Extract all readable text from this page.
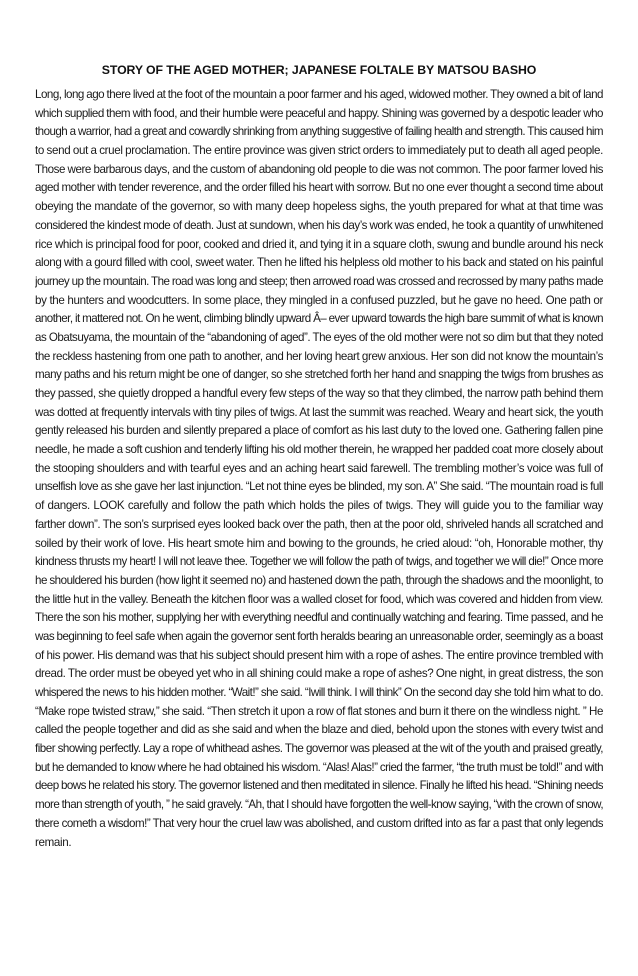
STORY OF THE AGED MOTHER; JAPANESE FOLTALE BY MATSOU BASHO
Long, long ago there lived at the foot of the mountain a poor farmer and his aged, widowed mother. They owned a bit of land
which supplied them with food, and their humble were peaceful and happy. Shining was governed by a despotic leader who
though a warrior, had a great and cowardly shrinking from anything suggestive of failing health and strength. This caused him
to send out a cruel proclamation. The entire province was given strict orders to immediately put to death all aged people.
Those were barbarous days, and the custom of abandoning old people to die was not common. The poor farmer loved his
aged mother with tender reverence, and the order filled his heart with sorrow. But no one ever thought a second time about
obeying the mandate of the governor, so with many deep hopeless sighs, the youth prepared for what at that time was
considered the kindest mode of death. Just at sundown, when his day’s work was ended, he took a quantity of unwhitened
rice which is principal food for poor, cooked and dried it, and tying it in a square cloth, swung and bundle around his neck
along with a gourd filled with cool, sweet water. Then he lifted his helpless old mother to his back and stated on his painful
journey up the mountain. The road was long and steep; then arrowed road was crossed and recrossed by many paths made
by the hunters and woodcutters. In some place, they mingled in a confused puzzled, but he gave no heed. One path or
another, it mattered not. On he went, climbing blindly upward Â– ever upward towards the high bare summit of what is known
as Obatsuyama, the mountain of the “abandoning of aged”. The eyes of the old mother were not so dim but that they noted
the reckless hastening from one path to another, and her loving heart grew anxious. Her son did not know the mountain’s
many paths and his return might be one of danger, so she stretched forth her hand and snapping the twigs from brushes as
they passed, she quietly dropped a handful every few steps of the way so that they climbed, the narrow path behind them
was dotted at frequently intervals with tiny piles of twigs. At last the summit was reached. Weary and heart sick, the youth
gently released his burden and silently prepared a place of comfort as his last duty to the loved one. Gathering fallen pine
needle, he made a soft cushion and tenderly lifting his old mother therein, he wrapped her padded coat more closely about
the stooping shoulders and with tearful eyes and an aching heart said farewell. The trembling mother’s voice was full of
unselfish love as she gave her last injunction. “Let not thine eyes be blinded, my son. A” She said. “The mountain road is full
of dangers. LOOK carefully and follow the path which holds the piles of twigs. They will guide you to the familiar way
farther down”. The son’s surprised eyes looked back over the path, then at the poor old, shriveled hands all scratched and
soiled by their work of love. His heart smote him and bowing to the grounds, he cried aloud: “oh, Honorable mother, thy
kindness thrusts my heart! I will not leave thee. Together we will follow the path of twigs, and together we will die!” Once more
he shouldered his burden (how light it seemed no) and hastened down the path, through the shadows and the moonlight, to
the little hut in the valley. Beneath the kitchen floor was a walled closet for food, which was covered and hidden from view.
There the son his mother, supplying her with everything needful and continually watching and fearing. Time passed, and he
was beginning to feel safe when again the governor sent forth heralds bearing an unreasonable order, seemingly as a boast
of his power. His demand was that his subject should present him with a rope of ashes. The entire province trembled with
dread. The order must be obeyed yet who in all shining could make a rope of ashes? One night, in great distress, the son
whispered the news to his hidden mother. “Wait!” she said. “Iwill think. I will think” On the second day she told him what to do.
“Make rope twisted straw,” she said. “Then stretch it upon a row of flat stones and burn it there on the windless night. ” He
called the people together and did as she said and when the blaze and died, behold upon the stones with every twist and
fiber showing perfectly. Lay a rope of whithead ashes. The governor was pleased at the wit of the youth and praised greatly,
but he demanded to know where he had obtained his wisdom. “Alas! Alas!” cried the farmer, “the truth must be told!” and with
deep bows he related his story. The governor listened and then meditated in silence. Finally he lifted his head. “Shining needs
more than strength of youth, ” he said gravely. “Ah, that I should have forgotten the well-know saying, “with the crown of snow,
there cometh a wisdom!” That very hour the cruel law was abolished, and custom drifted into as far a past that only legends
remain.
